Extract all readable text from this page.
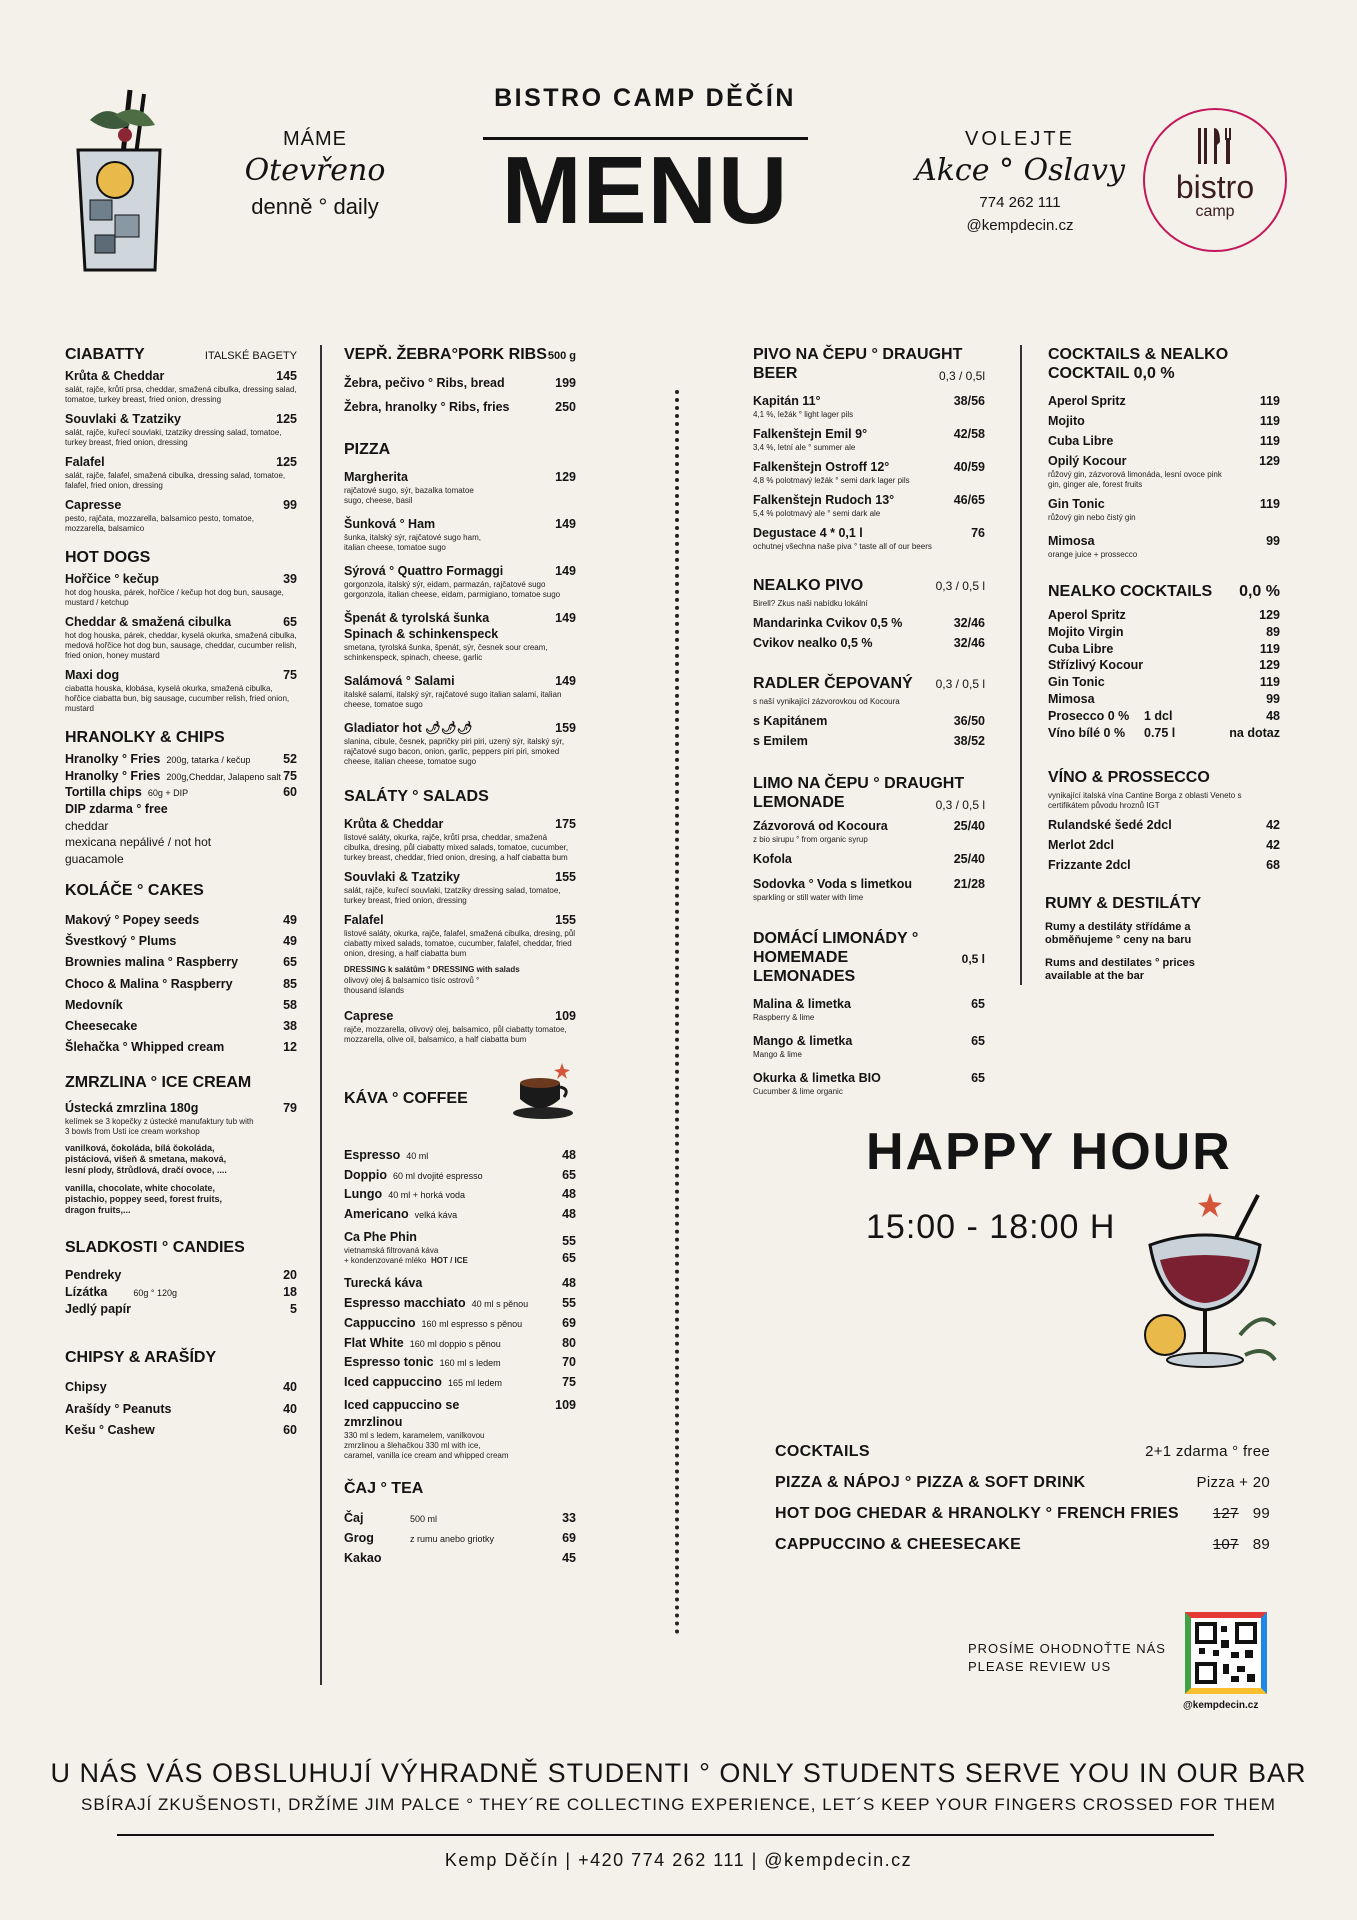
MÁME
Otevřeno
denně ° daily
BISTRO CAMP DĚČÍN
MENU	VOLEJTE
Akce ° Oslavy
774 262 111
@kempdecin.cz
bistro
camp
CIABATTY	ITALSKÉ BAGETY
Krůta & Cheddar	145
salát, rajče, krůtí prsa, cheddar, smažená cibulka, dressing salad, tomatoe, turkey breast, fried onion, dressing
Souvlaki & Tzatziky	125
salát, rajče, kuřecí souvlaki, tzatziky dressing salad, tomatoe, turkey breast, fried onion, dressing
Falafel	125
salát, rajče, falafel, smažená cibulka, dressing salad, tomatoe, falafel, fried onion, dressing
Capresse	99
pesto, rajčata, mozzarella, balsamico pesto, tomatoe, mozzarella, balsamico
HOT DOGS
Hořčice ° kečup	39
hot dog houska, párek, hořčice / kečup hot dog bun, sausage, mustard / ketchup
Cheddar & smažená cibulka	65
hot dog houska, párek, cheddar, kyselá okurka, smažená cibulka, medová hořčice hot dog bun, sausage, cheddar, cucumber relish, fried onion, honey mustard
Maxi dog	75
ciabatta houska, klobása, kyselá okurka, smažená cibulka, hořčice ciabatta bun, big sausage, cucumber relish, fried onion, mustard
HRANOLKY & CHIPS
Hranolky ° Fries 200g, tatarka / kečup	52
Hranolky ° Fries 200g,Cheddar, Jalapeno salt 75
Tortilla chips 60g + DIP	60
DIP zdarma ° free
cheddar
mexicana nepálivé / not hot
guacamole
KOLÁČE ° CAKES
Makový ° Popey seeds	49
Švestkový ° Plums	49
Brownies malina ° Raspberry	65
Choco & Malina ° Raspberry	85
Medovník	58
Cheesecake	38
Šlehačka ° Whipped cream	12
ZMRZLINA ° ICE CREAM
Ústecká zmrzlina 180g	79
kelímek se 3 kopečky z ústecké manufaktury tub with 3 bowls from Usti ice cream workshop
vanilková, čokoláda, bílá čokoláda, pistáciová, višeň & smetana, maková, lesní plody, štrůdlová, dračí ovoce, ....
vanilla, chocolate, white chocolate, pistachio, poppey seed, forest fruits, dragon fruits,...
SLADKOSTI ° CANDIES
Pendreky	20
Lízátka	60g ° 120g	18
Jedlý papír	5
CHIPSY & ARAŠÍDY
Chipsy	40
Arašídy ° Peanuts	40
Kešu ° Cashew	60
VEPŘ. ŽEBRA°PORK RIBS 500 g
Žebra, pečivo ° Ribs, bread	199
Žebra, hranolky ° Ribs, fries	250
PIZZA
Margherita	129
rajčatové sugo, sýr, bazalka tomatoe sugo, cheese, basil
Šunková ° Ham	149
šunka, italský sýr, rajčatové sugo ham, italian cheese, tomatoe sugo
Sýrová ° Quattro Formaggi	149
gorgonzola, italský sýr, eidam, parmazán, rajčatové sugo gorgonzola, italian cheese, eidam, parmigiano, tomatoe sugo
Špenát & tyrolská šunka Spinach & schinkenspeck
149
smetana, tyrolská šunka, špenát, sýr, česnek sour cream, schinkenspeck, spinach, cheese, garlic
Salámová ° Salami	149
italské salami, italský sýr, rajčatové sugo italian salami, italian cheese, tomatoe sugo
Gladiator hot 🌶🌶🌶	159
slanina, cibule, česnek, papričky piri piri, uzený sýr, italský sýr, rajčatové sugo bacon, onion, garlic, peppers piri piri, smoked cheese, italian cheese, tomatoe sugo
SALÁTY ° SALADS
Krůta & Cheddar	175
listové saláty, okurka, rajče, krůtí prsa, cheddar, smažená cibulka, dresing, půl ciabatty mixed salads, tomatoe, cucumber, turkey breast, cheddar, fried onion, dresing, a half ciabatta bum
Souvlaki & Tzatziky	155
salát, rajče, kuřecí souvlaki, tzatziky dressing salad, tomatoe, turkey breast, fried onion, dressing
Falafel	155
listové saláty, okurka, rajče, falafel, smažená cibulka, dresing, půl ciabatty mixed salads, tomatoe, cucumber, falafel, cheddar, fried onion, dresing, a half ciabatta bum
DRESSING k salátům ° DRESSING with salads
olivový olej & balsamico tisíc ostrovů ° thousand islands
Caprese	109
rajče, mozzarella, olivový olej, balsamico, půl ciabatty tomatoe, mozzarella, olive oil, balsamico, a half ciabatta bum
KÁVA ° COFFEE
Espresso 40 ml	48
Doppio 60 ml dvojité espresso	65
Lungo 40 ml + horká voda	48
Americano velká káva	48
Ca Phe Phin
vietnamská filtrovaná káva
+ kondenzované mléko HOT / ICE
55
65
Turecká káva	48
Espresso macchiato 40 ml s pěnou	55
Cappuccino 160 ml espresso s pěnou	69
Flat White 160 ml doppio s pěnou	80
Espresso tonic 160 ml s ledem	70
Iced cappuccino 165 ml ledem	75
Iced cappuccino se zmrzlinou
109
330 ml s ledem, karamelem, vanilkovou zmrzlinou a šlehačkou 330 ml with ice, caramel, vanilla ice cream and whipped cream
ČAJ ° TEA
Čaj	500 ml	33
Grog	z rumu anebo griotky	69
Kakao	45
PIVO NA ČEPU ° DRAUGHT BEER	0,3 / 0,5l
Kapitán 11°	38/56
4,1 %, ležák ° light lager pils
Falkenštejn Emil 9°	42/58
3,4 %, letní ale ° summer ale
Falkenštejn Ostroff 12°	40/59
4,8 % polotmavý ležák ° semi dark lager pils
Falkenštejn Rudoch 13°	46/65
5,4 % polotmavý ale ° semi dark ale
Degustace 4 * 0,1 l	76
ochutnej všechna naše piva ° taste all of our beers
NEALKO PIVO	0,3 / 0,5 l
Birell? Zkus naši nabídku lokální
Mandarinka Cvikov 0,5 %	32/46
Cvikov nealko 0,5 %	32/46
RADLER ČEPOVANÝ 0,3 / 0,5 l
s naší vynikající zázvorovkou od Kocoura
s Kapitánem	36/50
s Emilem	38/52
LIMO NA ČEPU ° DRAUGHT LEMONADE	0,3 / 0,5 l
Zázvorová od Kocoura	25/40
z bio sirupu ° from organic syrup
Kofola	25/40
Sodovka ° Voda s limetkou	21/28
sparkling or still water with lime
DOMÁCÍ LIMONÁDY ° HOMEMADE LEMONADES
0,5 l
Malina & limetka	65
Raspberry & lime
Mango & limetka	65
Mango & lime
Okurka & limetka BIO	65
Cucumber & lime organic
COCKTAILS & NEALKO COCKTAIL 0,0 %
Aperol Spritz	119
Mojito	119
Cuba Libre	119
Opilý Kocour	129
růžový gin, zázvorová limonáda, lesní ovoce pink gin, ginger ale, forest fruits
Gin Tonic	119
růžový gin nebo čistý gin
Mimosa	99
orange juice + prossecco
NEALKO COCKTAILS 0,0 %
Aperol Spritz	129
Mojito Virgin	89
Cuba Libre	119
Střízlivý Kocour	129
Gin Tonic	119
Mimosa	99
Prosecco 0 %	1 dcl	48
Víno bílé 0 %	0.75 l	na dotaz
VÍNO & PROSSECCO
vynikající italská vína Cantine Borga z oblasti Veneto s certifikátem původu hroznů IGT
Rulandské šedé 2dcl	42
Merlot 2dcl	42
Frizzante 2dcl	68
RUMY & DESTILÁTY
Rumy a destiláty střídáme a obměňujeme ° ceny na baru
Rums and destilates ° prices available at the bar
HAPPY HOUR
15:00 - 18:00 H
COCKTAILS	2+1 zdarma ° free
PIZZA & NÁPOJ ° PIZZA & SOFT DRINK	Pizza + 20
HOT DOG CHEDAR & HRANOLKY ° FRENCH FRIES 127 99
CAPPUCCINO & CHEESECAKE	107 89
PROSÍME OHODNOŤTE NÁS
PLEASE REVIEW US
@kempdecin.cz
U NÁS VÁS OBSLUHUJÍ VÝHRADNĚ STUDENTI ° ONLY STUDENTS SERVE YOU IN OUR BAR
SBÍRAJÍ ZKUŠENOSTI, DRŽÍME JIM PALCE ° THEY´RE COLLECTING EXPERIENCE, LET´S KEEP YOUR FINGERS CROSSED FOR THEM
Kemp Děčín | +420 774 262 111 | @kempdecin.cz
